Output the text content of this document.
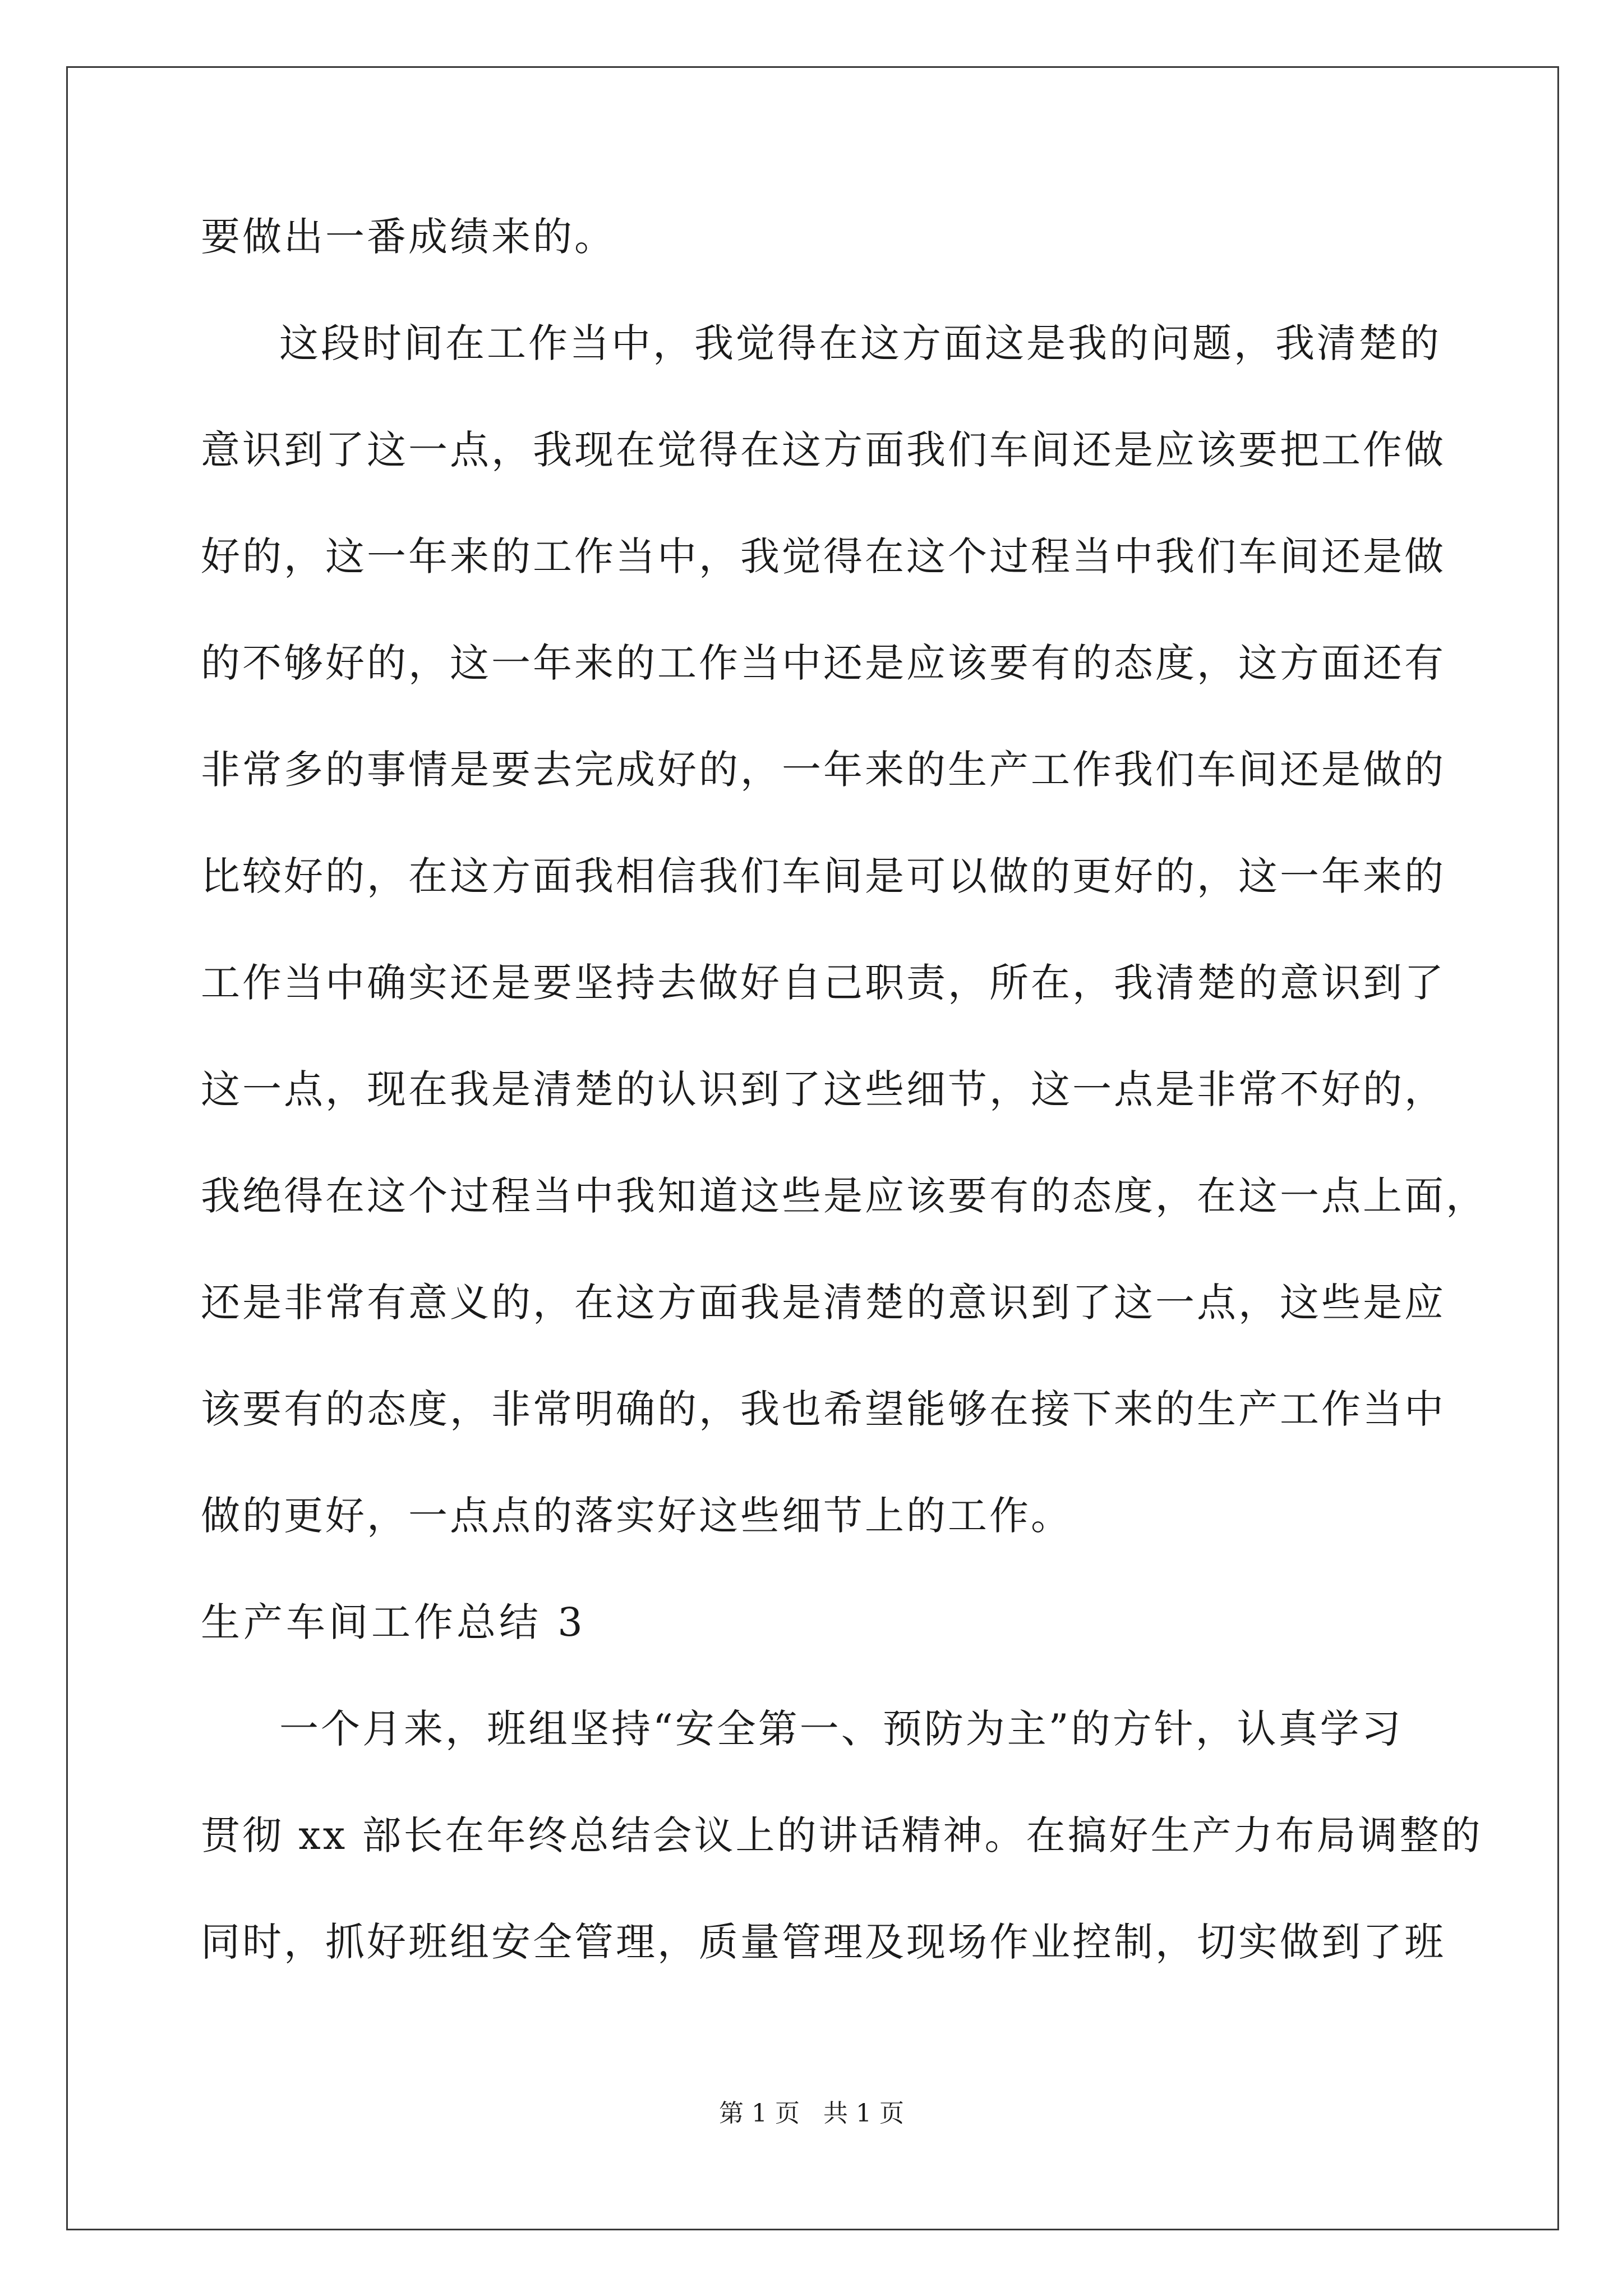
要做出一番成绩来的。
这段时间在工作当中，我觉得在这方面这是我的问题，我清楚的
意识到了这一点，我现在觉得在这方面我们车间还是应该要把工作做
好的，这一年来的工作当中，我觉得在这个过程当中我们车间还是做
的不够好的，这一年来的工作当中还是应该要有的态度，这方面还有
非常多的事情是要去完成好的，一年来的生产工作我们车间还是做的
比较好的，在这方面我相信我们车间是可以做的更好的，这一年来的
工作当中确实还是要坚持去做好自己职责，所在，我清楚的意识到了
这一点，现在我是清楚的认识到了这些细节，这一点是非常不好的，
我绝得在这个过程当中我知道这些是应该要有的态度，在这一点上面，
还是非常有意义的，在这方面我是清楚的意识到了这一点，这些是应
该要有的态度，非常明确的，我也希望能够在接下来的生产工作当中
做的更好，一点点的落实好这些细节上的工作。
生产车间工作总结 3
一个月来，班组坚持“安全第一、预防为主”的方针，认真学习
贯彻 xx 部长在年终总结会议上的讲话精神。在搞好生产力布局调整的
同时，抓好班组安全管理，质量管理及现场作业控制，切实做到了班
第 1 页   共 1 页
